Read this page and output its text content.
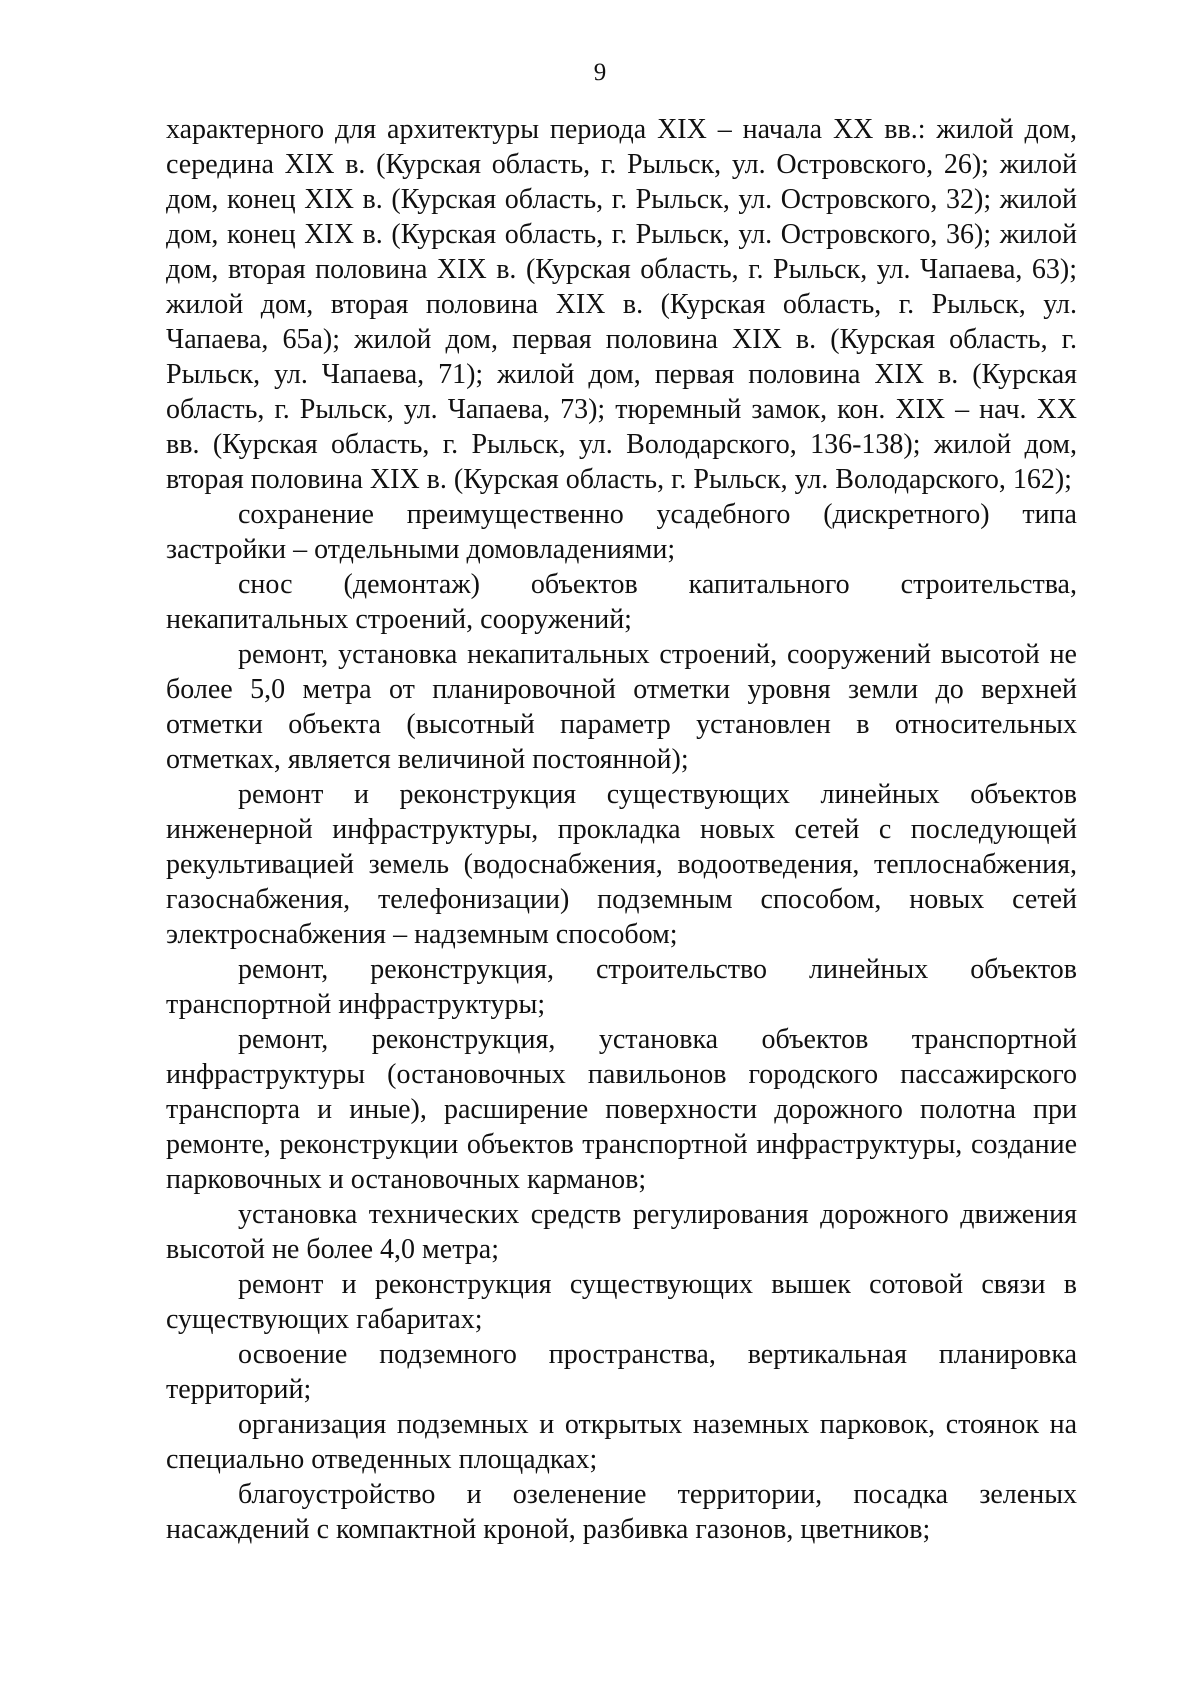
9

характерного для архитектуры периода XIX – начала XX вв.: жилой дом, середина XIX в. (Курская область, г. Рыльск, ул. Островского, 26); жилой дом, конец XIX в. (Курская область, г. Рыльск, ул. Островского, 32); жилой дом, конец XIX в. (Курская область, г. Рыльск, ул. Островского, 36); жилой дом, вторая половина XIX в. (Курская область, г. Рыльск, ул. Чапаева, 63); жилой дом, вторая половина XIX в. (Курская область, г. Рыльск, ул. Чапаева, 65а); жилой дом, первая половина XIX в. (Курская область, г. Рыльск, ул. Чапаева, 71); жилой дом, первая половина XIX в. (Курская область, г. Рыльск, ул. Чапаева, 73); тюремный замок, кон. XIX – нач. XX вв. (Курская область, г. Рыльск, ул. Володарского, 136-138); жилой дом, вторая половина XIX в. (Курская область, г. Рыльск, ул. Володарского, 162);

сохранение преимущественно усадебного (дискретного) типа застройки – отдельными домовладениями;

снос (демонтаж) объектов капитального строительства, некапитальных строений, сооружений;

ремонт, установка некапитальных строений, сооружений высотой не более 5,0 метра от планировочной отметки уровня земли до верхней отметки объекта (высотный параметр установлен в относительных отметках, является величиной постоянной);

ремонт и реконструкция существующих линейных объектов инженерной инфраструктуры, прокладка новых сетей с последующей рекультивацией земель (водоснабжения, водоотведения, теплоснабжения, газоснабжения, телефонизации) подземным способом, новых сетей электроснабжения – надземным способом;

ремонт, реконструкция, строительство линейных объектов транспортной инфраструктуры;

ремонт, реконструкция, установка объектов транспортной инфраструктуры (остановочных павильонов городского пассажирского транспорта и иные), расширение поверхности дорожного полотна при ремонте, реконструкции объектов транспортной инфраструктуры, создание парковочных и остановочных карманов;

установка технических средств регулирования дорожного движения высотой не более 4,0 метра;

ремонт и реконструкция существующих вышек сотовой связи в существующих габаритах;

освоение подземного пространства, вертикальная планировка территорий;

организация подземных и открытых наземных парковок, стоянок на специально отведенных площадках;

благоустройство и озеленение территории, посадка зеленых насаждений с компактной кроной, разбивка газонов, цветников;
